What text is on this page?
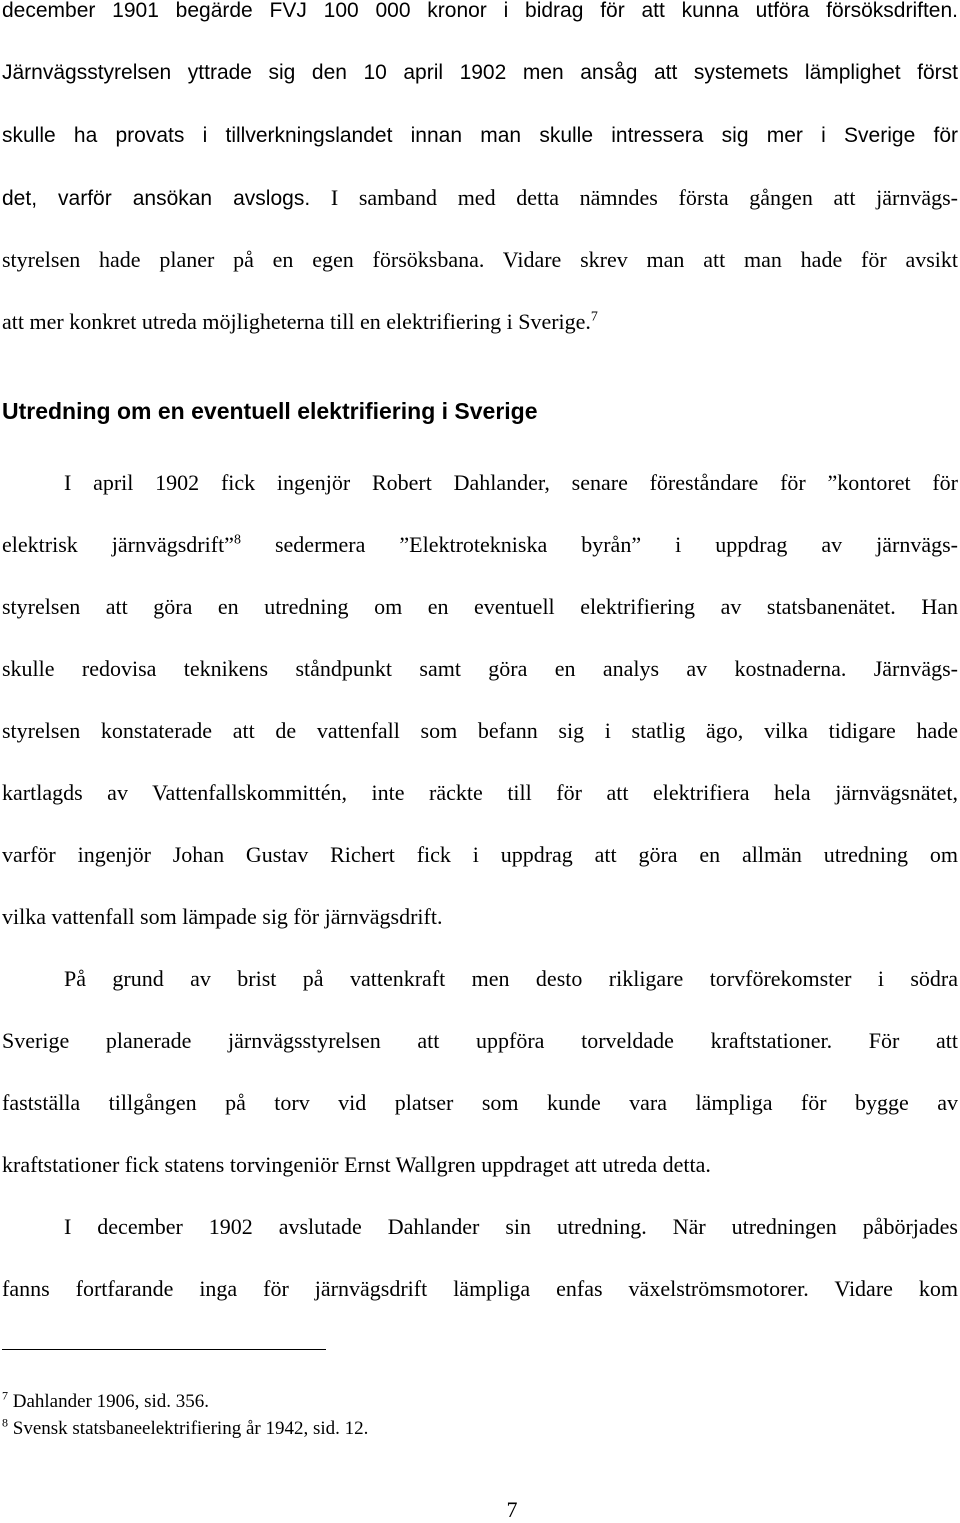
december 1901 begärde FVJ 100 000 kronor i bidrag för att kunna utföra försöksdriften.
Järnvägsstyrelsen yttrade sig den 10 april 1902 men ansåg att systemets lämplighet först
skulle ha provats i tillverkningslandet innan man skulle intressera sig mer i Sverige för
det, varför ansökan avslogs. I samband med detta nämndes första gången att järnvägs-
styrelsen hade planer på en egen försöksbana. Vidare skrev man att man hade för avsikt
att mer konkret utreda möjligheterna till en elektrifiering i Sverige.$^7$
Utredning om en eventuell elektrifiering i Sverige
I april 1902 fick ingenjör Robert Dahlander, senare föreståndare för ”kontoret för
elektrisk järnvägsdrift”$^8$ sedermera ”Elektrotekniska byrån” i uppdrag av järnvägs-
styrelsen att göra en utredning om en eventuell elektrifiering av statsbanenätet. Han
skulle redovisa teknikens ståndpunkt samt göra en analys av kostnaderna. Järnvägs-
styrelsen konstaterade att de vattenfall som befann sig i statlig ägo, vilka tidigare hade
kartlagds av Vattenfallskommittén, inte räckte till för att elektrifiera hela järnvägsnätet,
varför ingenjör Johan Gustav Richert fick i uppdrag att göra en allmän utredning om
vilka vattenfall som lämpade sig för järnvägsdrift.
På grund av brist på vattenkraft men desto rikligare torvförekomster i södra
Sverige planerade järnvägsstyrelsen att uppföra torveldade kraftstationer. För att
fastställa tillgången på torv vid platser som kunde vara lämpliga för bygge av
kraftstationer fick statens torvingeniör Ernst Wallgren uppdraget att utreda detta.
I december 1902 avslutade Dahlander sin utredning. När utredningen påbörjades
fanns fortfarande inga för järnvägsdrift lämpliga enfas växelströmsmotorer. Vidare kom
$^7$ Dahlander 1906, sid. 356.
$^8$ Svensk statsbaneelektrifiering år 1942, sid. 12.
7
